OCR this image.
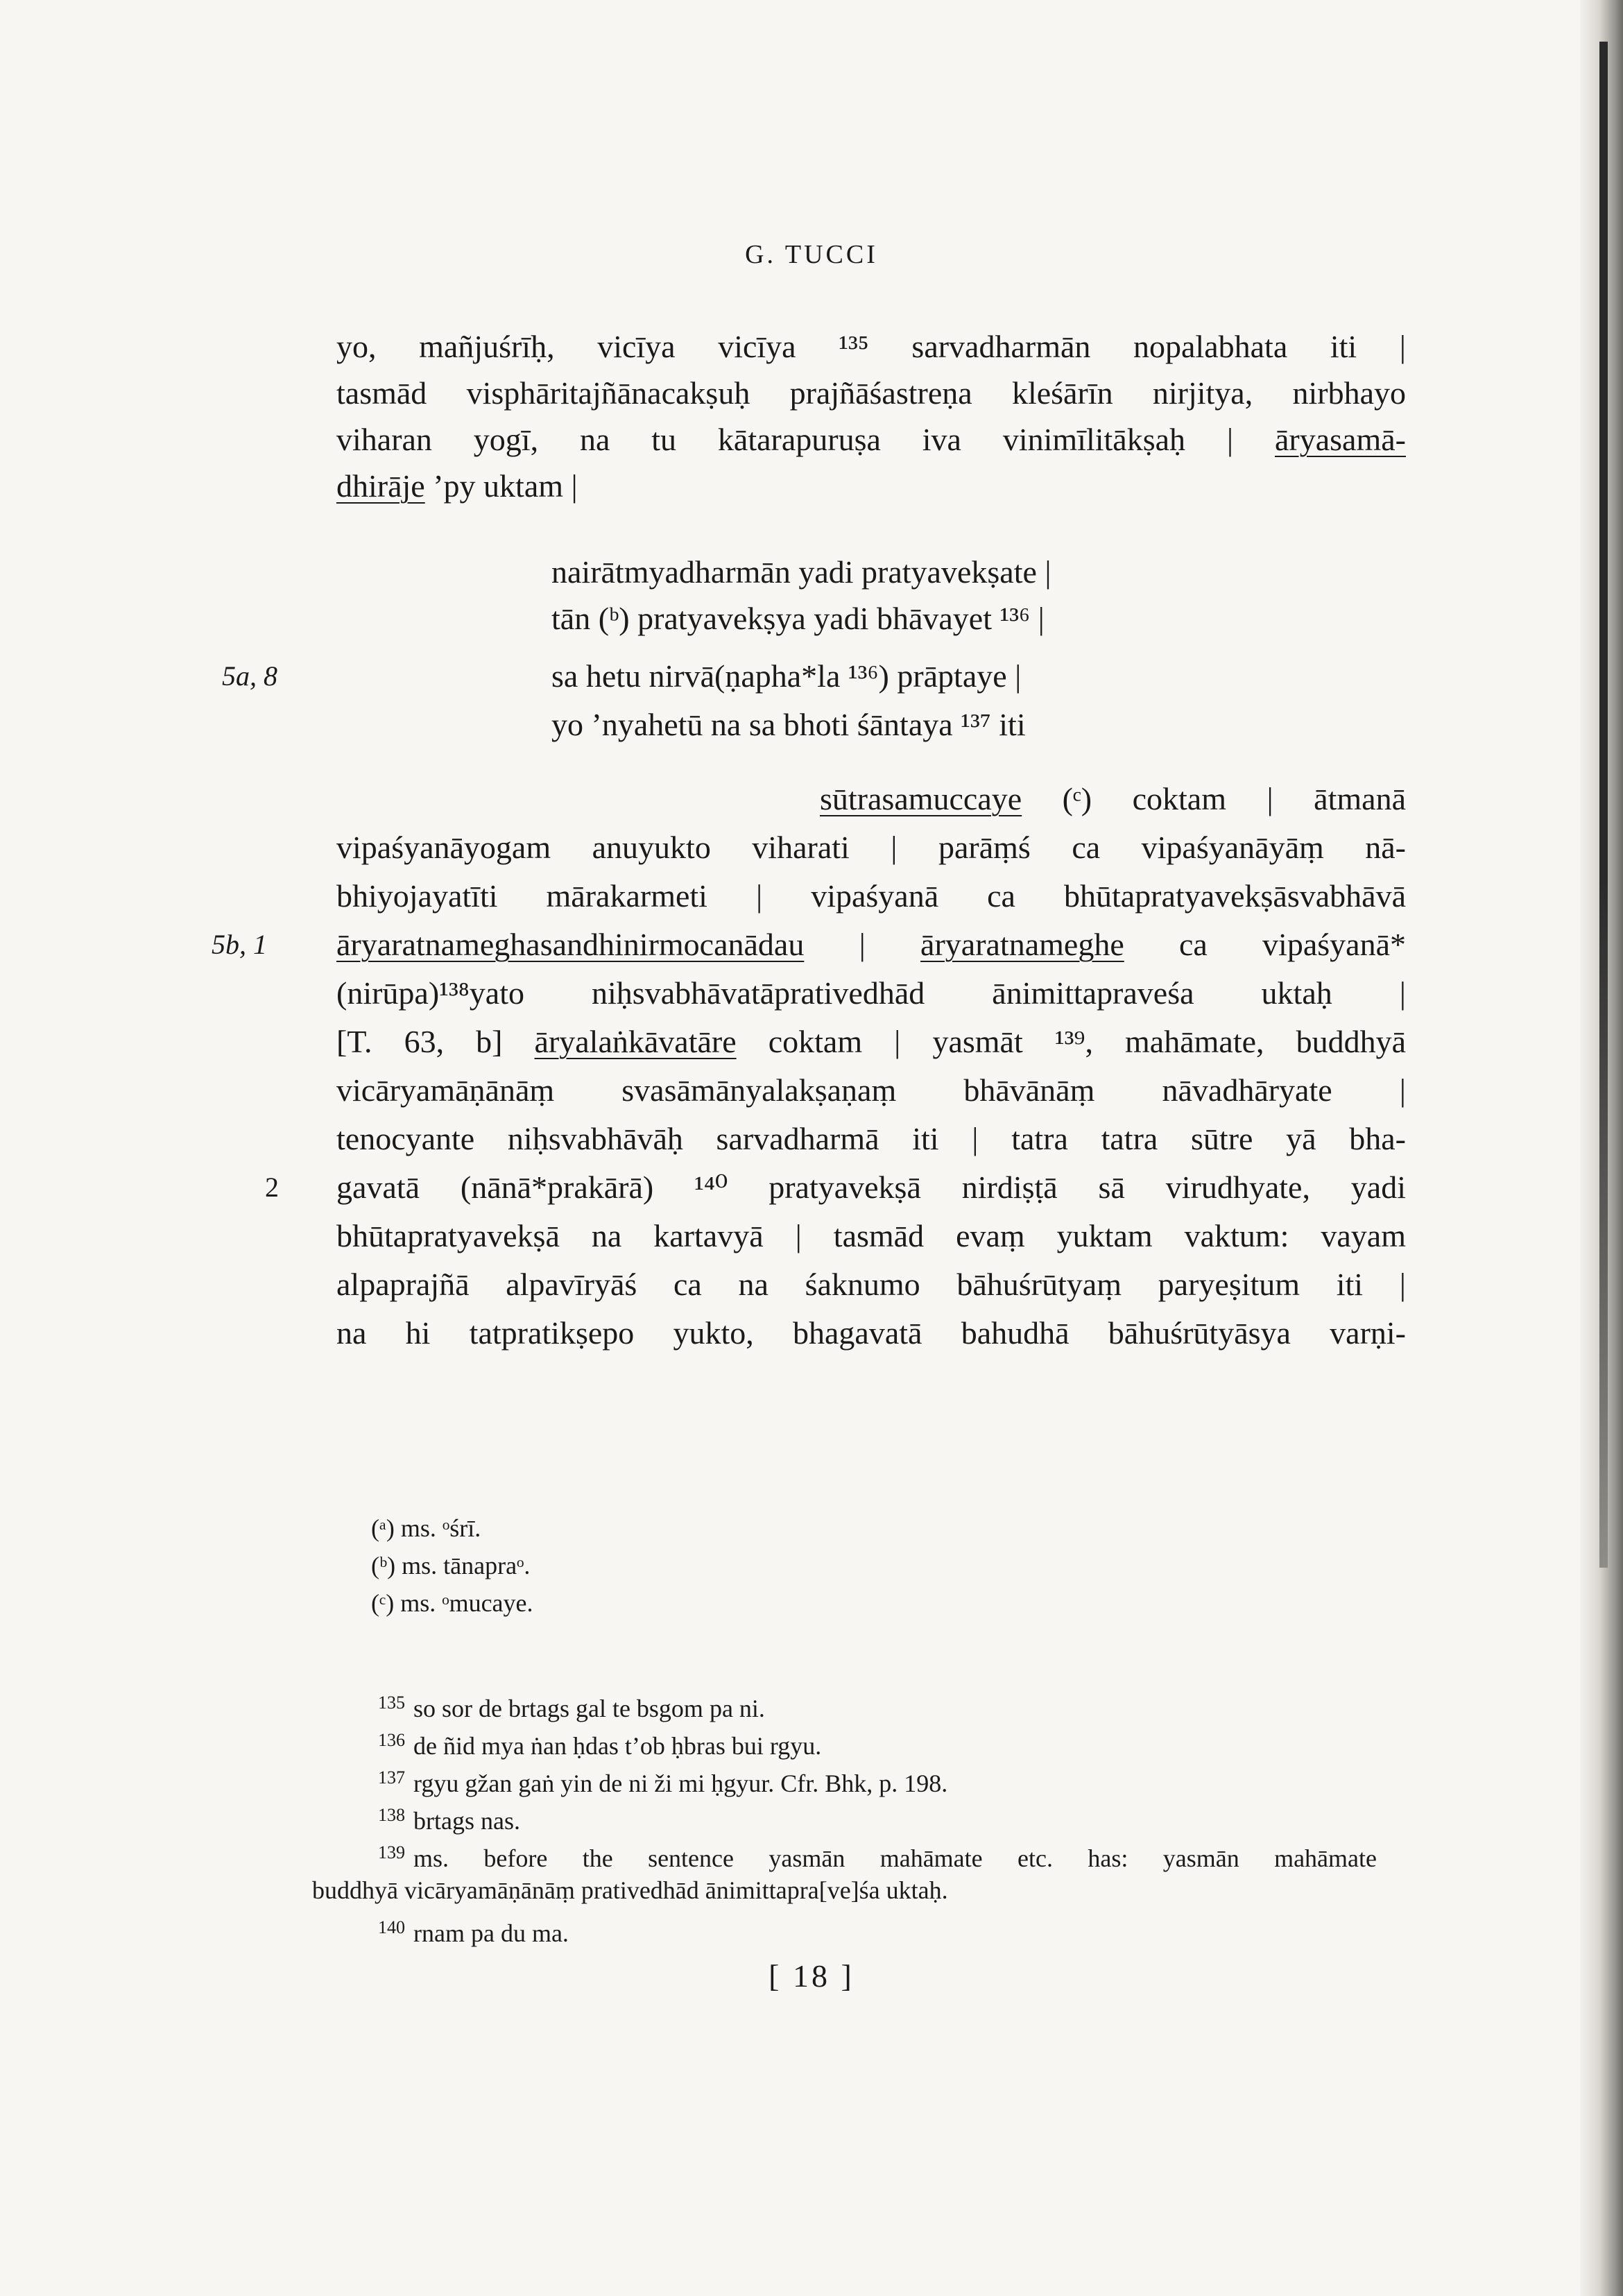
G. TUCCI
yo, mañjuśrīḥ, vicīya vicīya ¹³⁵ sarvadharmān nopalabhata iti |
tasmād visphāritajñānacakṣuḥ prajñāśastreṇa kleśārīn nirjitya, nirbhayo
viharan yogī, na tu kātarapuruṣa iva vinimīlitākṣaḥ | āryasamā-
dhirāje ’py uktam |
nairātmyadharmān yadi pratyavekṣate |
tān (ᵇ) pratyavekṣya yadi bhāvayet ¹³⁶ |
sa hetu nirvā(ṇapha*la ¹³⁶) prāptaye |
yo ’nyahetū na sa bhoti śāntaya ¹³⁷ iti
sūtrasamuccaye (ᶜ) coktam | ātmanā
vipaśyanāyogam anuyukto viharati | parāṃś ca vipaśyanāyāṃ nā-
bhiyojayatīti mārakarmeti | vipaśyanā ca bhūtapratyavekṣāsvabhāvā
āryaratnameghasandhinirmocanādau | āryaratnameghe ca vipaśyanā*
(nirūpa)¹³⁸yato niḥsvabhāvatāprativedhād ānimittapraveśa uktaḥ |
[T. 63, b] āryalaṅkāvatāre coktam | yasmāt ¹³⁹, mahāmate, buddhyā
vicāryamāṇānāṃ svasāmānyalakṣaṇaṃ bhāvānāṃ nāvadhāryate |
tenocyante niḥsvabhāvāḥ sarvadharmā iti | tatra tatra sūtre yā bha-
gavatā (nānā*prakārā) ¹⁴⁰ pratyavekṣā nirdiṣṭā sā virudhyate, yadi
bhūtapratyavekṣā na kartavyā | tasmād evaṃ yuktam vaktum: vayam
alpaprajñā alpavīryāś ca na śaknumo bāhuśrūtyaṃ paryeṣitum iti |
na hi tatpratikṣepo yukto, bhagavatā bahudhā bāhuśrūtyāsya varṇi-
5a, 8
5b, 1
2
(ᵃ) ms. ᵒśrī.
(ᵇ) ms. tānapraᵒ.
(ᶜ) ms. ᵒmucaye.
$^{135}$ so sor de brtags gal te bsgom pa ni.
$^{136}$ de ñid mya ṅan ḥdas t’ob ḥbras bui rgyu.
$^{137}$ rgyu gžan gaṅ yin de ni ži mi ḥgyur. Cfr. Bhk, p. 198.
$^{138}$ brtags nas.
$^{139}$ ms. before the sentence yasmān mahāmate etc. has: yasmān mahāmate
buddhyā vicāryamāṇānāṃ prativedhād ānimittapra[ve]śa uktaḥ.
$^{140}$ rnam pa du ma.
[ 18 ]
